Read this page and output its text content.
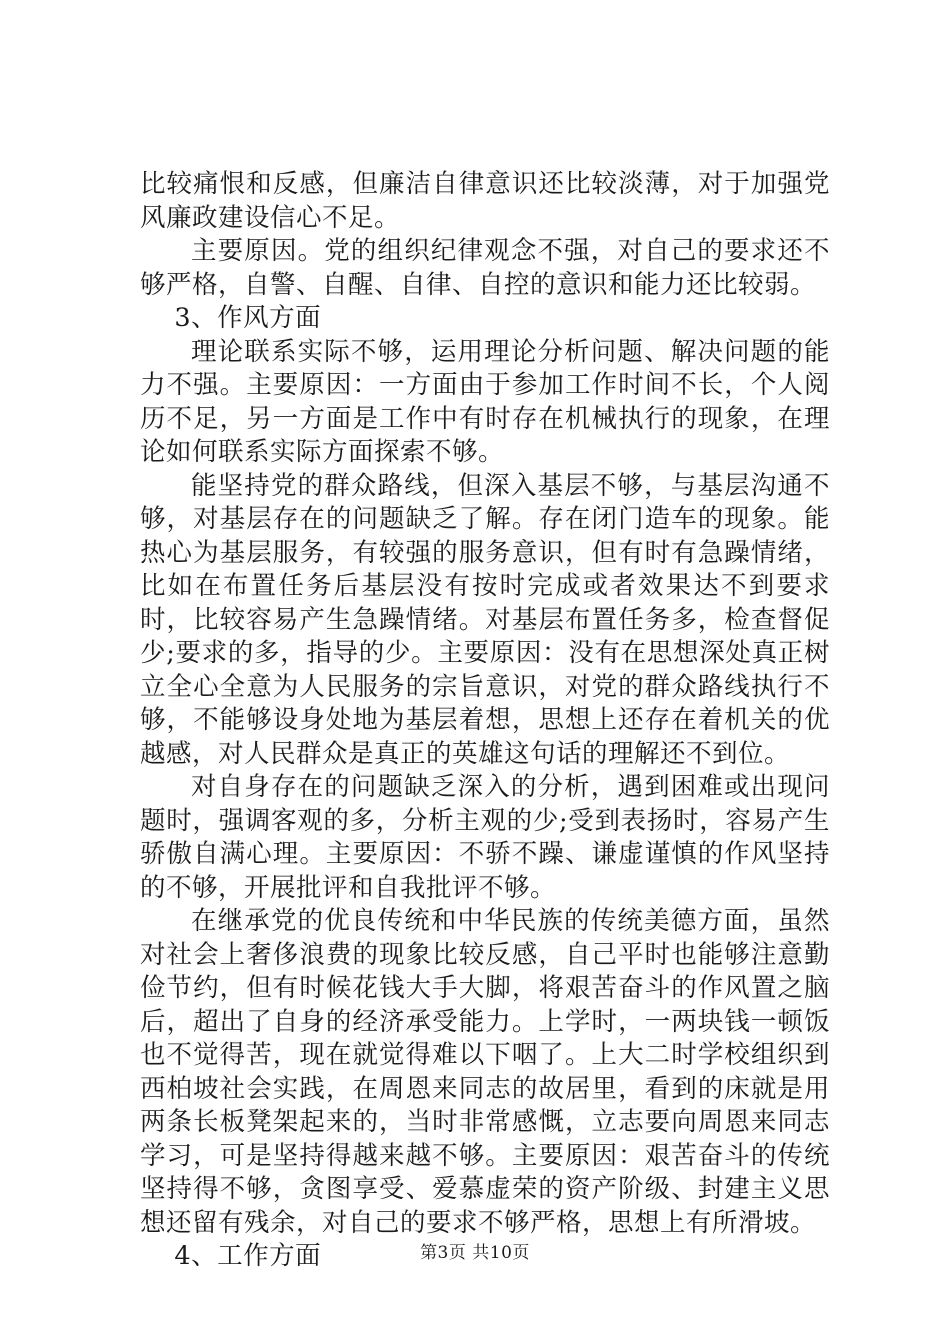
比较痛恨和反感，但廉洁自律意识还比较淡薄，对于加强党风廉政建设信心不足。

主要原因。党的组织纪律观念不强，对自己的要求还不够严格，自警、自醒、自律、自控的意识和能力还比较弱。

3、作风方面

理论联系实际不够，运用理论分析问题、解决问题的能力不强。主要原因：一方面由于参加工作时间不长，个人阅历不足，另一方面是工作中有时存在机械执行的现象，在理论如何联系实际方面探索不够。

能坚持党的群众路线，但深入基层不够，与基层沟通不够，对基层存在的问题缺乏了解。存在闭门造车的现象。能热心为基层服务，有较强的服务意识，但有时有急躁情绪，比如在布置任务后基层没有按时完成或者效果达不到要求时，比较容易产生急躁情绪。对基层布置任务多，检查督促少;要求的多，指导的少。主要原因：没有在思想深处真正树立全心全意为人民服务的宗旨意识，对党的群众路线执行不够，不能够设身处地为基层着想，思想上还存在着机关的优越感，对人民群众是真正的英雄这句话的理解还不到位。

对自身存在的问题缺乏深入的分析，遇到困难或出现问题时，强调客观的多，分析主观的少;受到表扬时，容易产生骄傲自满心理。主要原因：不骄不躁、谦虚谨慎的作风坚持的不够，开展批评和自我批评不够。

在继承党的优良传统和中华民族的传统美德方面，虽然对社会上奢侈浪费的现象比较反感，自己平时也能够注意勤俭节约，但有时候花钱大手大脚，将艰苦奋斗的作风置之脑后，超出了自身的经济承受能力。上学时，一两块钱一顿饭也不觉得苦，现在就觉得难以下咽了。上大二时学校组织到西柏坡社会实践，在周恩来同志的故居里，看到的床就是用两条长板凳架起来的，当时非常感慨，立志要向周恩来同志学习，可是坚持得越来越不够。主要原因：艰苦奋斗的传统坚持得不够，贪图享受、爱慕虚荣的资产阶级、封建主义思想还留有残余，对自己的要求不够严格，思想上有所滑坡。

4、工作方面	第3页 共10页
